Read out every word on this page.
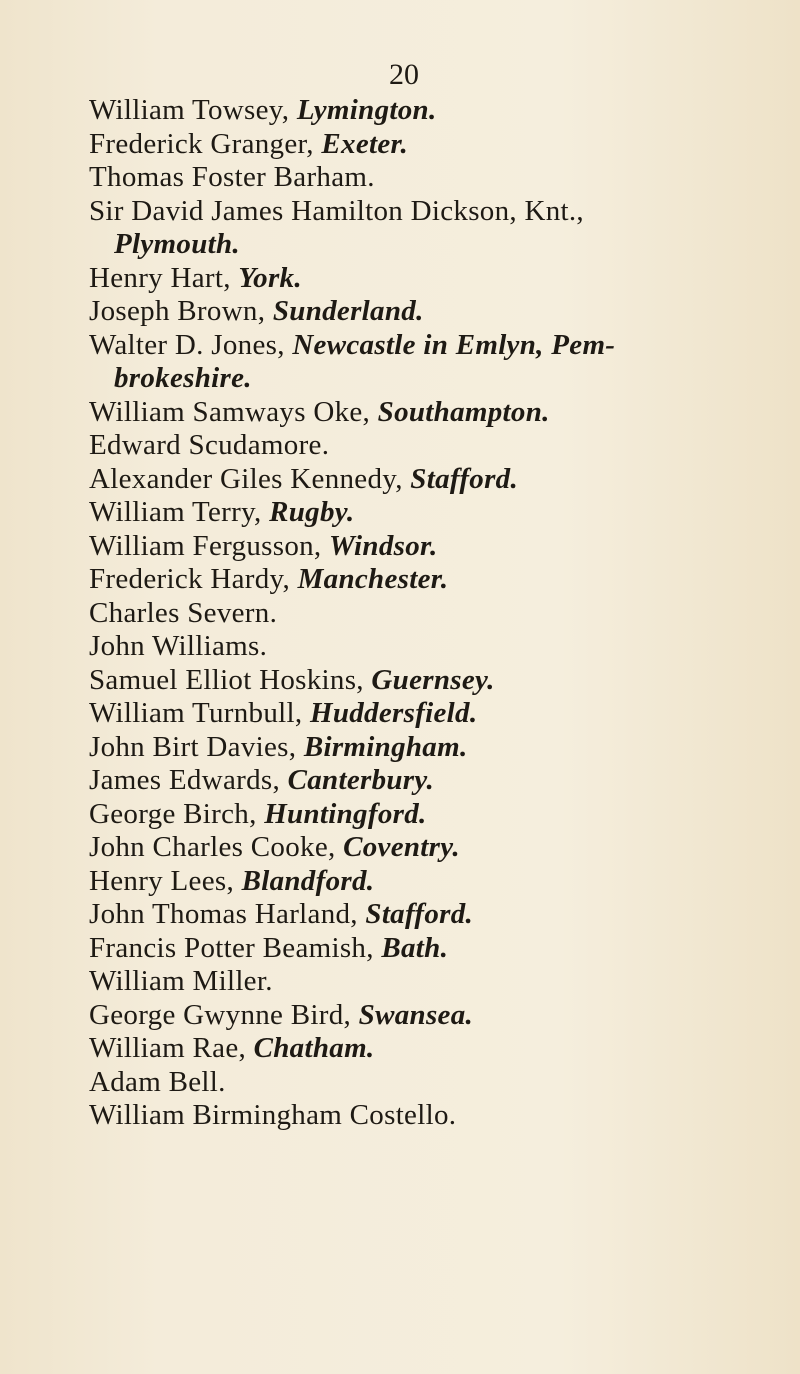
20
William Towsey, Lymington.
Frederick Granger, Exeter.
Thomas Foster Barham.
Sir David James Hamilton Dickson, Knt.,
Plymouth.
Henry Hart, York.
Joseph Brown, Sunderland.
Walter D. Jones, Newcastle in Emlyn, Pem-
brokeshire.
William Samways Oke, Southampton.
Edward Scudamore.
Alexander Giles Kennedy, Stafford.
William Terry, Rugby.
William Fergusson, Windsor.
Frederick Hardy, Manchester.
Charles Severn.
John Williams.
Samuel Elliot Hoskins, Guernsey.
William Turnbull, Huddersfield.
John Birt Davies, Birmingham.
James Edwards, Canterbury.
George Birch, Huntingford.
John Charles Cooke, Coventry.
Henry Lees, Blandford.
John Thomas Harland, Stafford.
Francis Potter Beamish, Bath.
William Miller.
George Gwynne Bird, Swansea.
William Rae, Chatham.
Adam Bell.
William Birmingham Costello.
